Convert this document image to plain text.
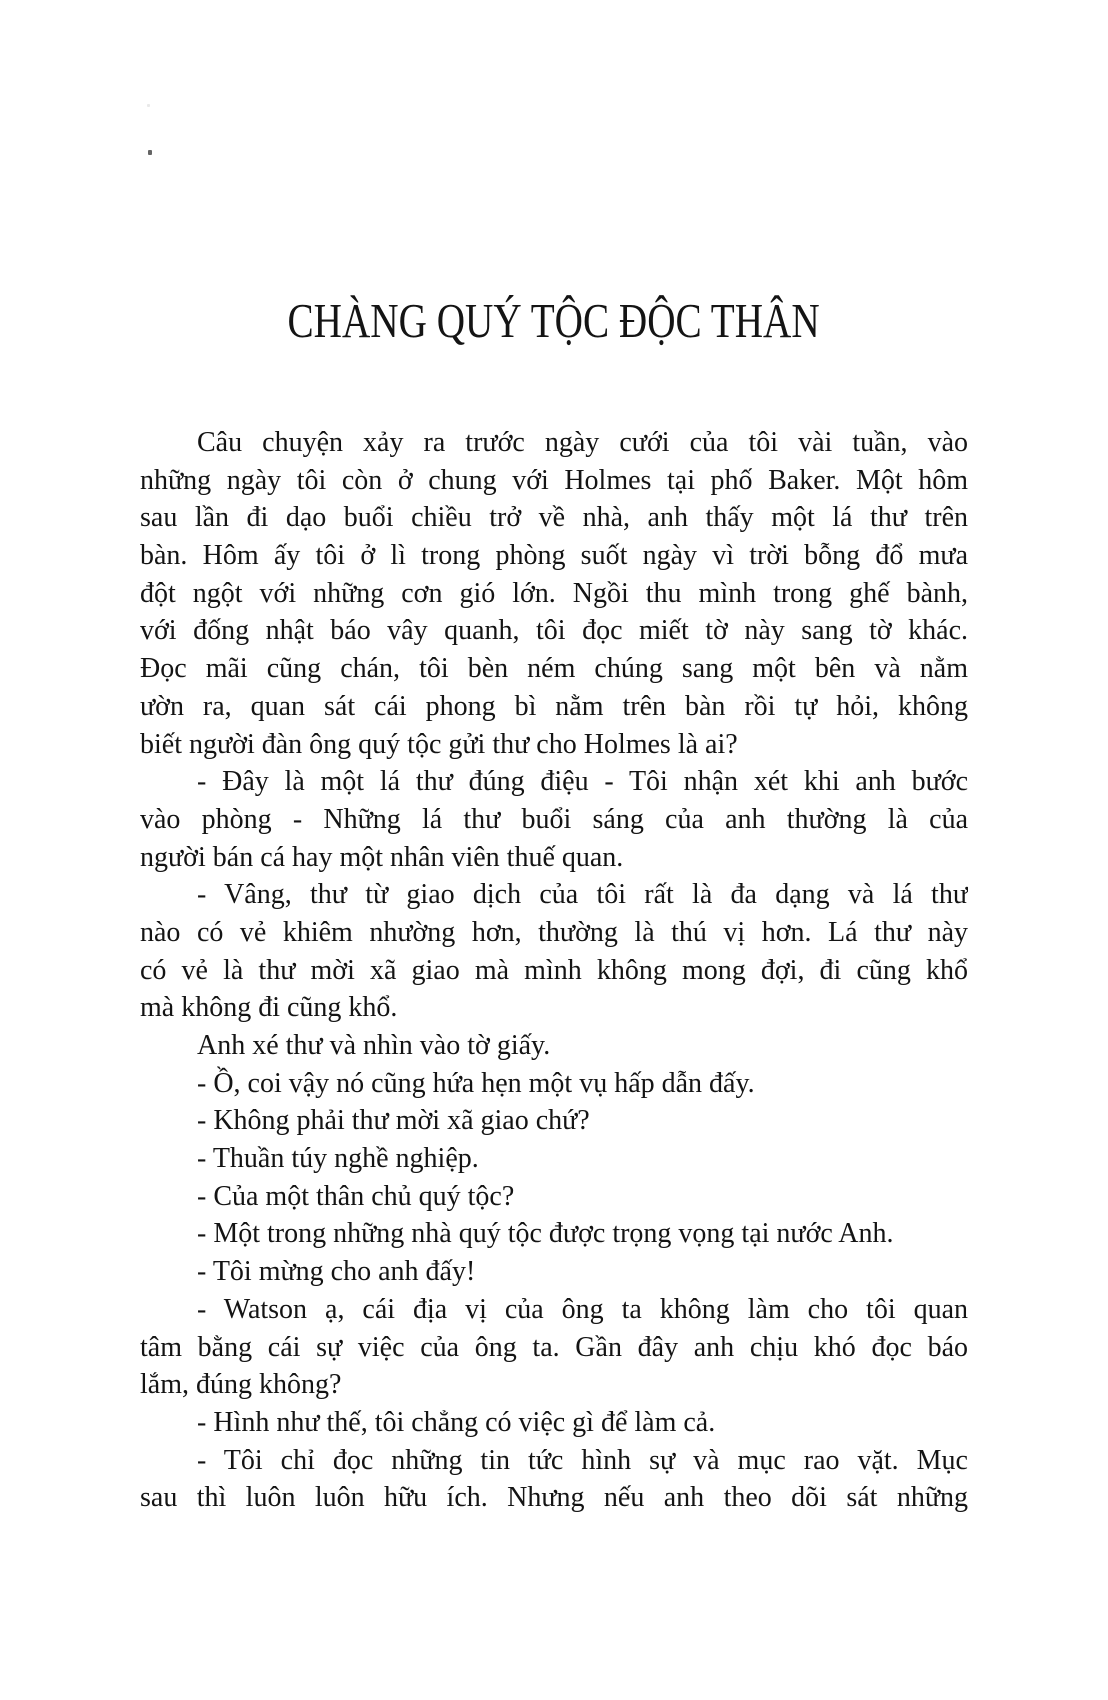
CHÀNG QUÝ TỘC ĐỘC THÂN
Câu chuyện xảy ra trước ngày cưới của tôi vài tuần, vào
những ngày tôi còn ở chung với Holmes tại phố Baker. Một hôm
sau lần đi dạo buổi chiều trở về nhà, anh thấy một lá thư trên
bàn. Hôm ấy tôi ở lì trong phòng suốt ngày vì trời bỗng đổ mưa
đột ngột với những cơn gió lớn. Ngồi thu mình trong ghế bành,
với đống nhật báo vây quanh, tôi đọc miết tờ này sang tờ khác.
Đọc mãi cũng chán, tôi bèn ném chúng sang một bên và nằm
ườn ra, quan sát cái phong bì nằm trên bàn rồi tự hỏi, không
biết người đàn ông quý tộc gửi thư cho Holmes là ai?
- Đây là một lá thư đúng điệu - Tôi nhận xét khi anh bước
vào phòng - Những lá thư buổi sáng của anh thường là của
người bán cá hay một nhân viên thuế quan.
- Vâng, thư từ giao dịch của tôi rất là đa dạng và lá thư
nào có vẻ khiêm nhường hơn, thường là thú vị hơn. Lá thư này
có vẻ là thư mời xã giao mà mình không mong đợi, đi cũng khổ
mà không đi cũng khổ.
Anh xé thư và nhìn vào tờ giấy.
- Ồ, coi vậy nó cũng hứa hẹn một vụ hấp dẫn đấy.
- Không phải thư mời xã giao chứ?
- Thuần túy nghề nghiệp.
- Của một thân chủ quý tộc?
- Một trong những nhà quý tộc được trọng vọng tại nước Anh.
- Tôi mừng cho anh đấy!
- Watson ạ, cái địa vị của ông ta không làm cho tôi quan
tâm bằng cái sự việc của ông ta. Gần đây anh chịu khó đọc báo
lắm, đúng không?
- Hình như thế, tôi chẳng có việc gì để làm cả.
- Tôi chỉ đọc những tin tức hình sự và mục rao vặt. Mục
sau thì luôn luôn hữu ích. Nhưng nếu anh theo dõi sát những
